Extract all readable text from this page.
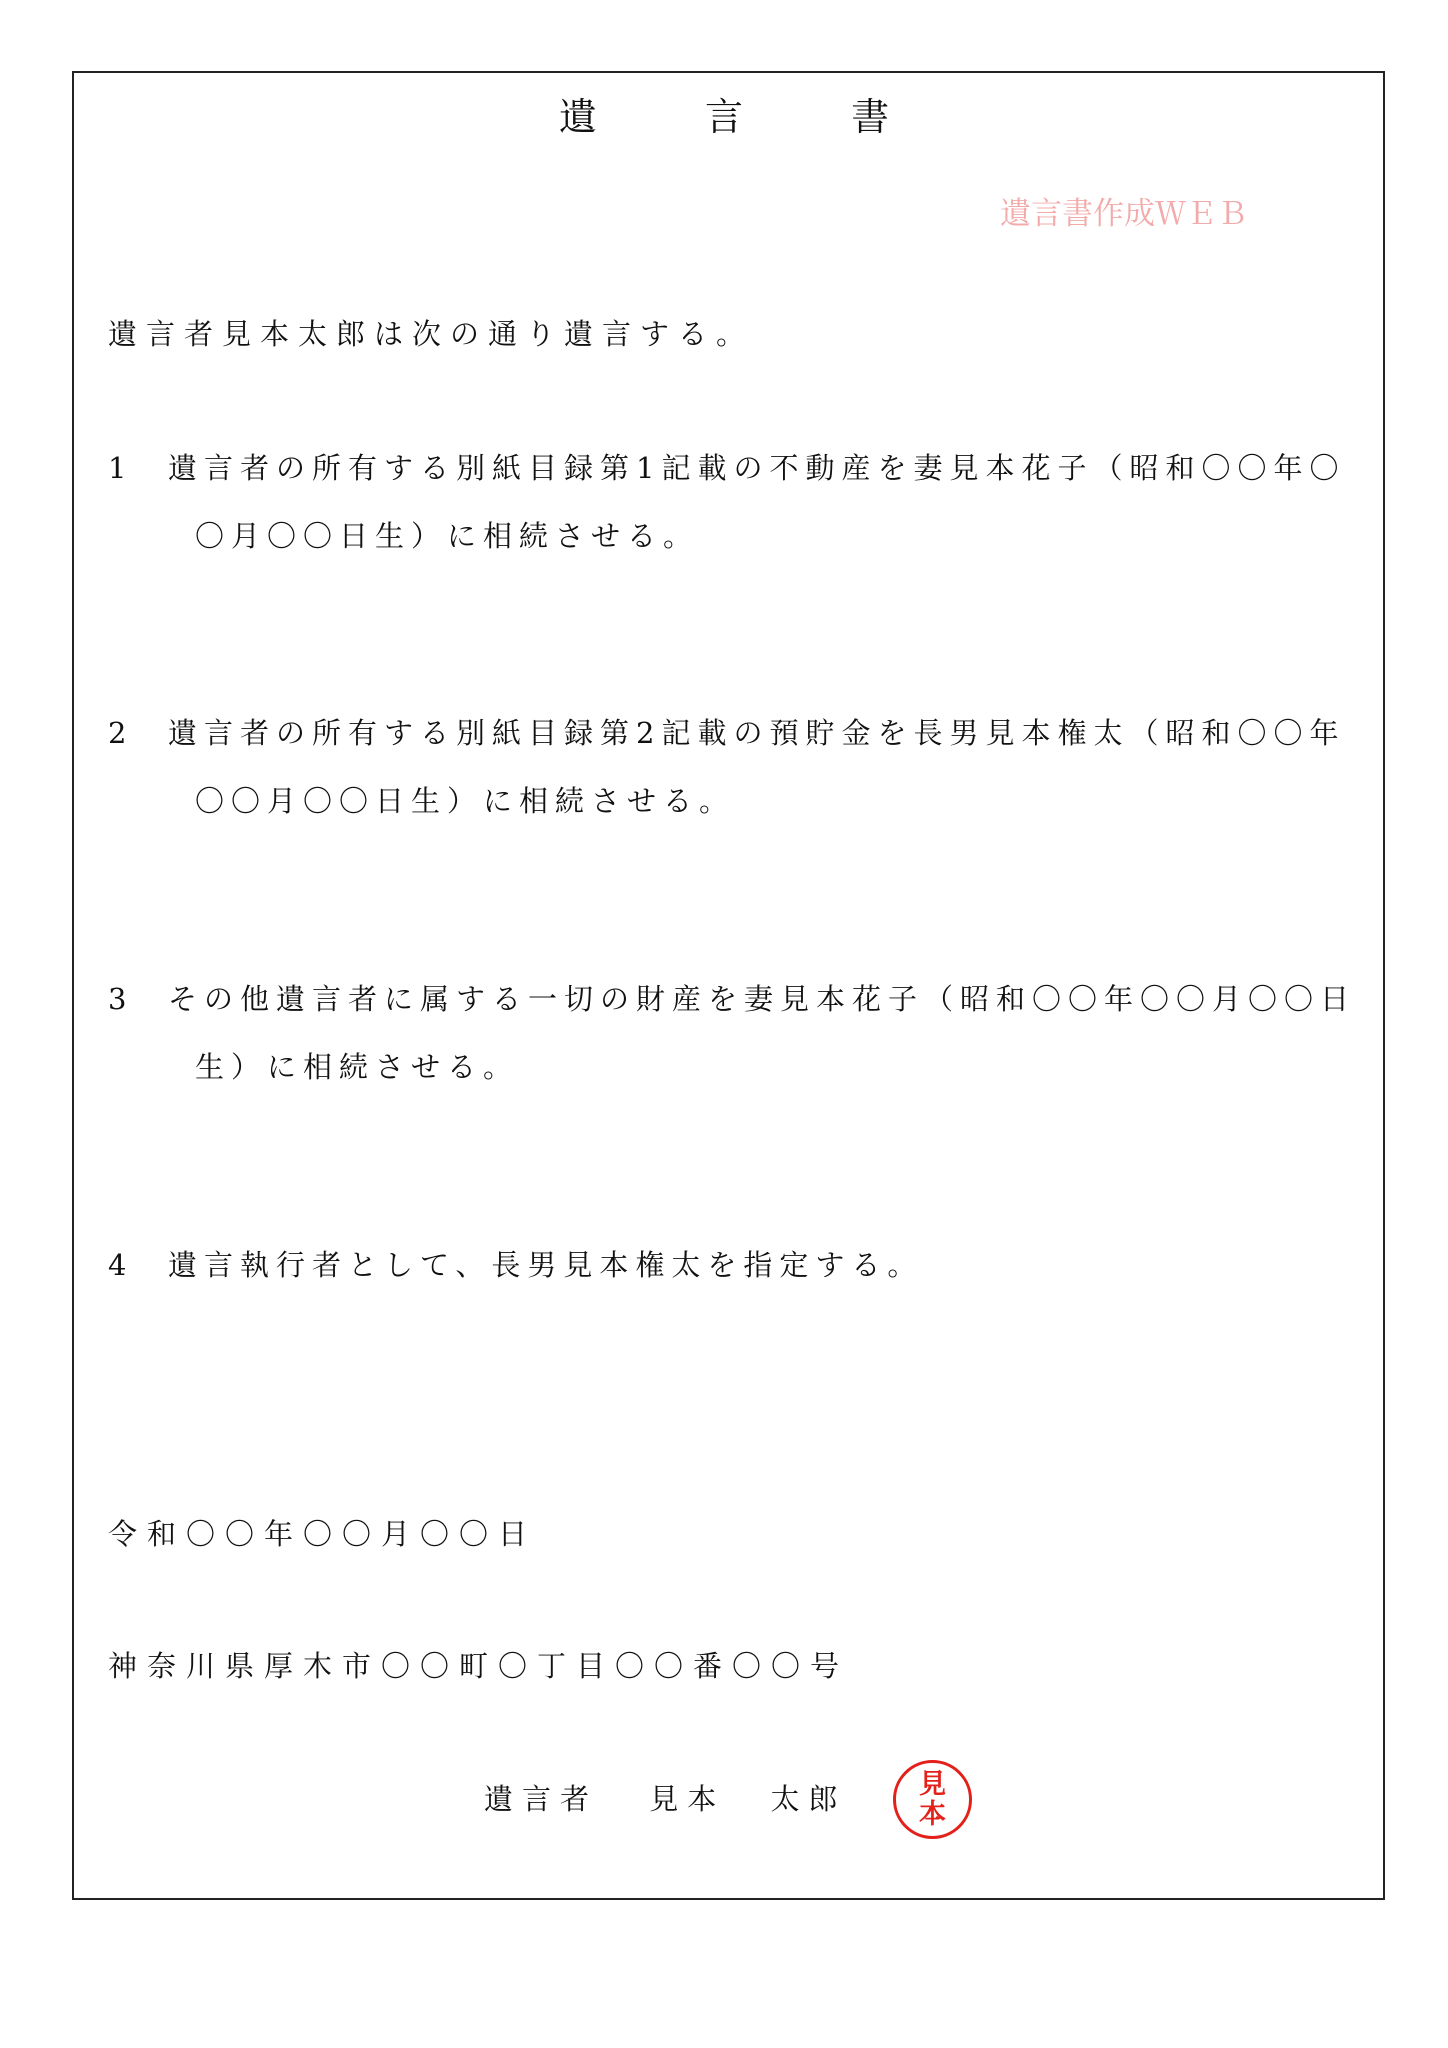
遺 言 書
遺言書作成ＷＥＢ
遺言者見本太郎は次の通り遺言する。
1 遺言者の所有する別紙目録第1記載の不動産を妻見本花子（昭和〇〇年〇〇月〇〇日生）に相続させる。
2 遺言者の所有する別紙目録第2記載の預貯金を長男見本権太（昭和〇〇年〇〇月〇〇日生）に相続させる。
3 その他遺言者に属する一切の財産を妻見本花子（昭和〇〇年〇〇月〇〇日生）に相続させる。
4 遺言執行者として、長男見本権太を指定する。
令和〇〇年〇〇月〇〇日
神奈川県厚木市〇〇町〇丁目〇〇番〇〇号
遺言者 見本 太郎	見
本
